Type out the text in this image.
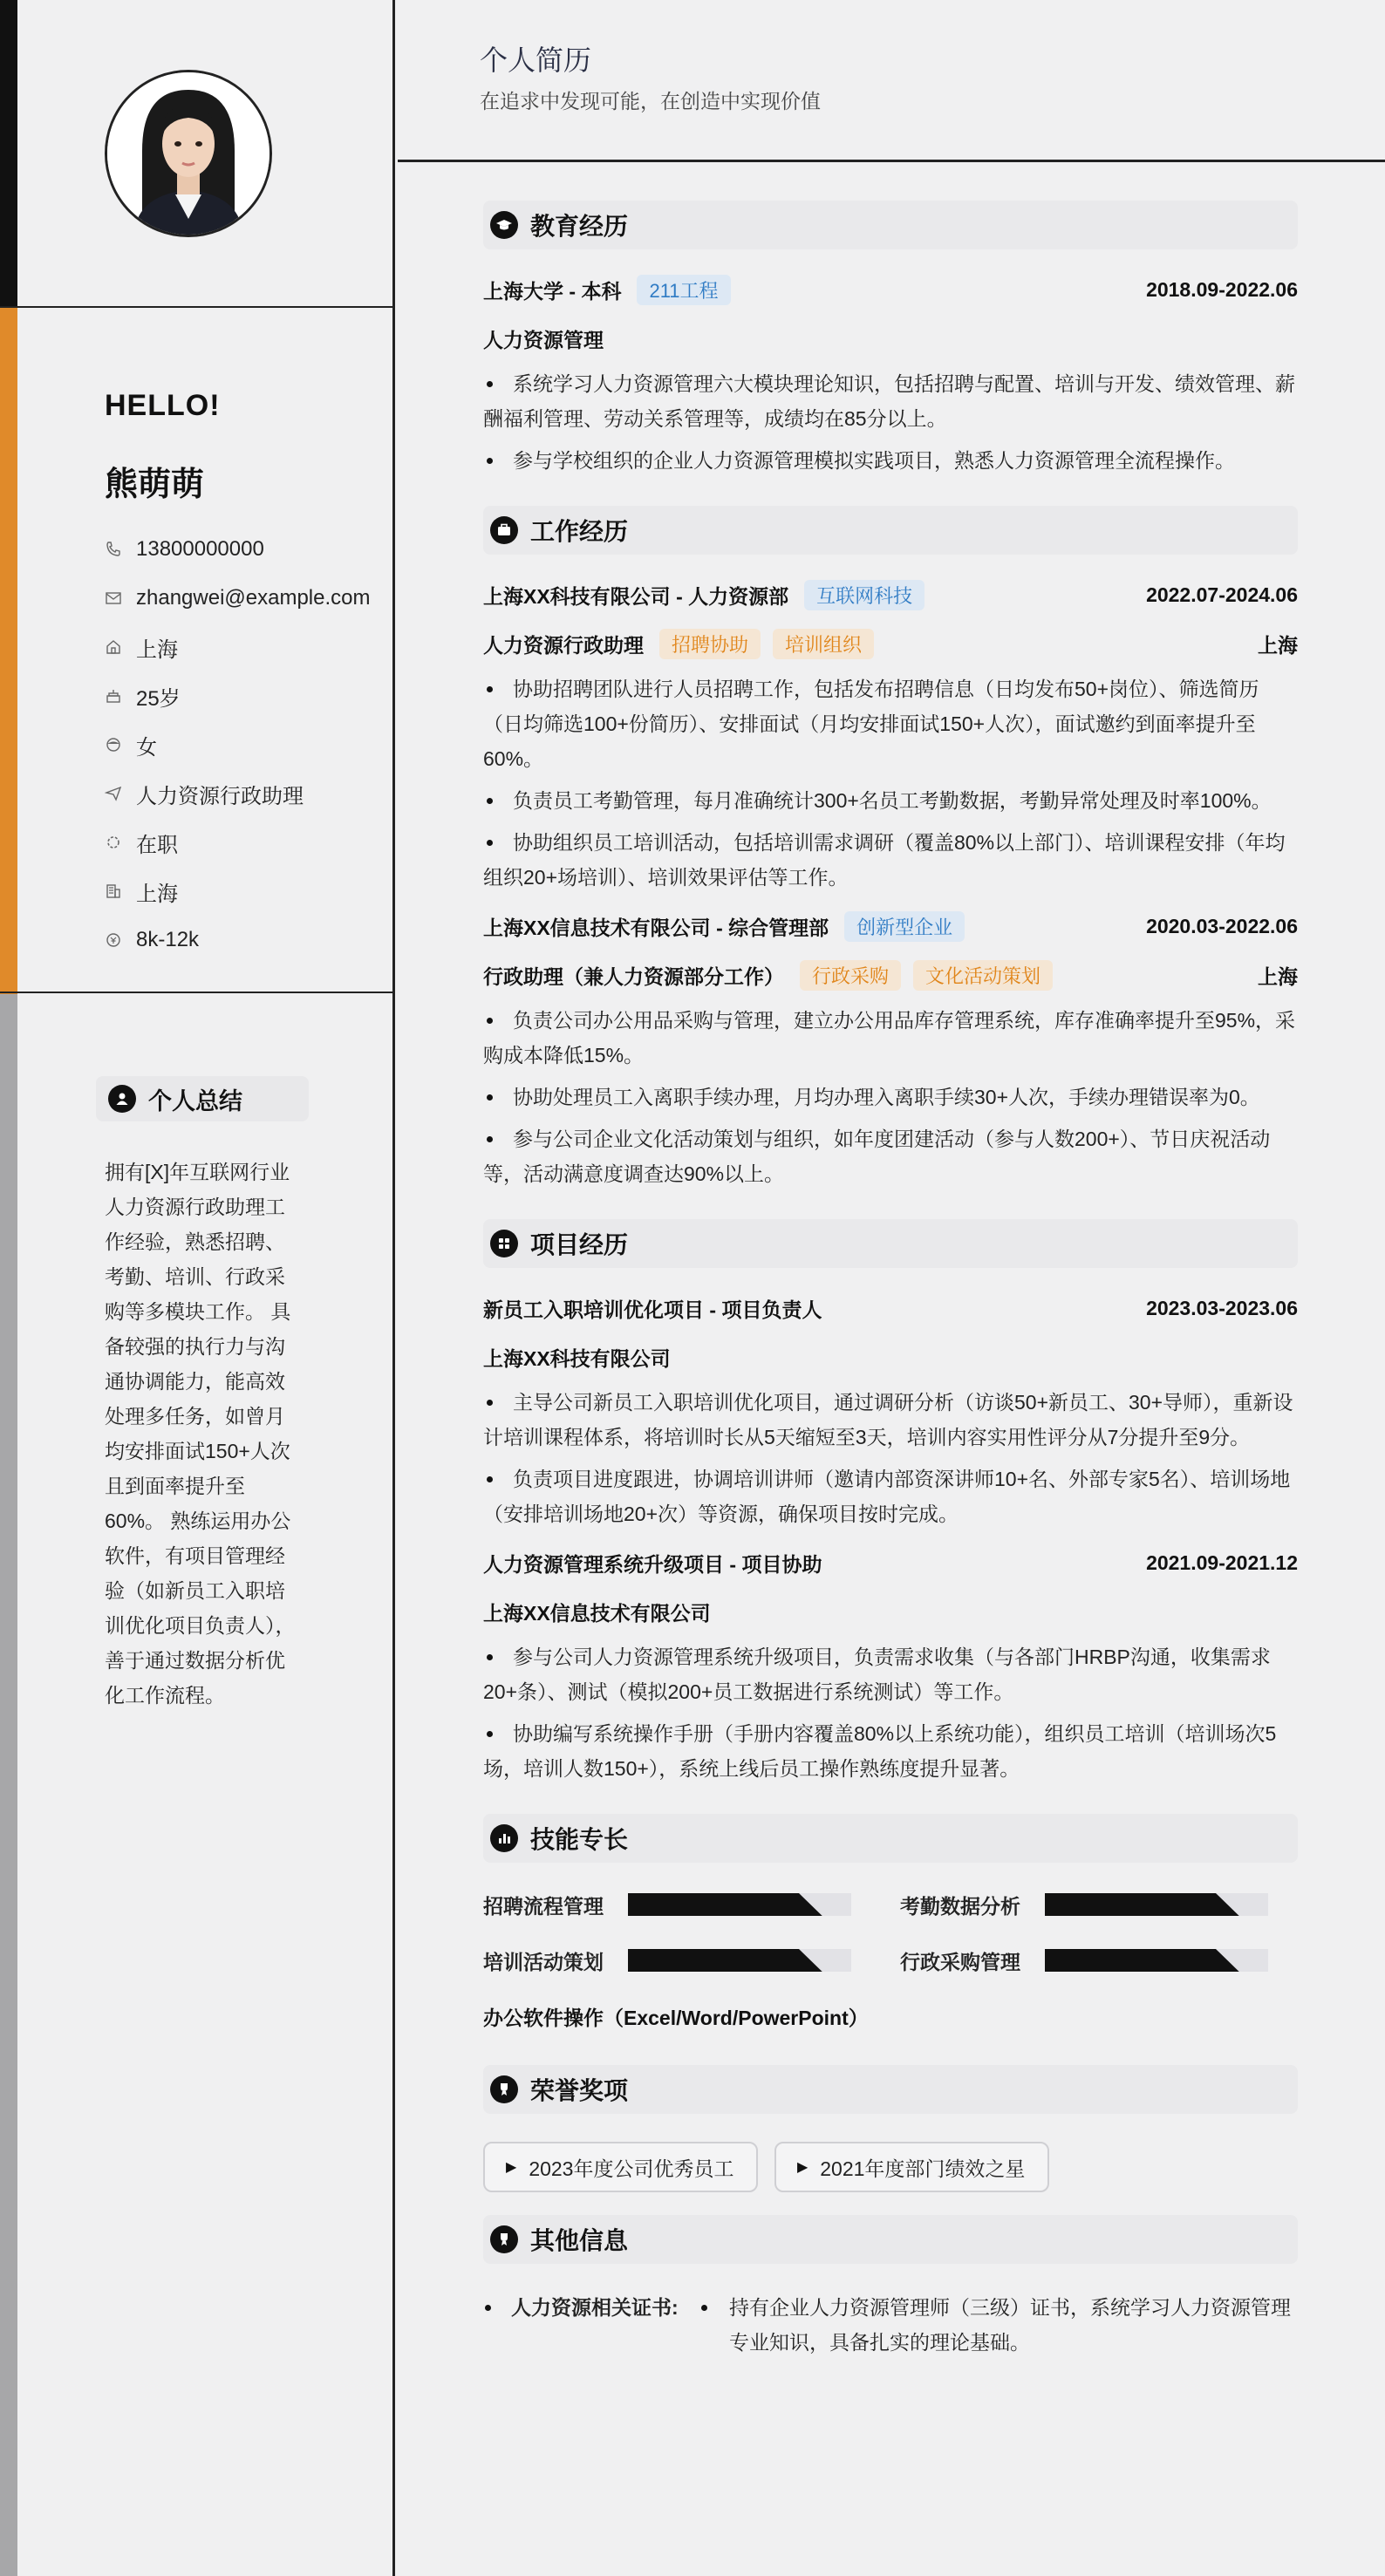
HELLO!
熊萌萌
13800000000
zhangwei@example.com
上海
25岁
女
人力资源行政助理
在职
上海
8k-12k
个人总结
拥有[X]年互联网行业人力资源行政助理工作经验，熟悉招聘、考勤、培训、行政采购等多模块工作。 具备较强的执行力与沟通协调能力，能高效处理多任务，如曾月均安排面试150+人次且到面率提升至60%。 熟练运用办公软件，有项目管理经验（如新员工入职培训优化项目负责人），善于通过数据分析优化工作流程。
个人简历
在追求中发现可能，在创造中实现价值
教育经历
上海大学 - 本科	211工程	2018.09-2022.06
人力资源管理
系统学习人力资源管理六大模块理论知识，包括招聘与配置、培训与开发、绩效管理、薪酬福利管理、劳动关系管理等，成绩均在85分以上。
参与学校组织的企业人力资源管理模拟实践项目，熟悉人力资源管理全流程操作。
工作经历
上海XX科技有限公司 - 人力资源部	互联网科技	2022.07-2024.06
人力资源行政助理	招聘协助	培训组织	上海
协助招聘团队进行人员招聘工作，包括发布招聘信息（日均发布50+岗位）、筛选简历（日均筛选100+份简历）、安排面试（月均安排面试150+人次），面试邀约到面率提升至60%。
负责员工考勤管理，每月准确统计300+名员工考勤数据，考勤异常处理及时率100%。
协助组织员工培训活动，包括培训需求调研（覆盖80%以上部门）、培训课程安排（年均组织20+场培训）、培训效果评估等工作。
上海XX信息技术有限公司 - 综合管理部	创新型企业	2020.03-2022.06
行政助理（兼人力资源部分工作）	行政采购	文化活动策划	上海
负责公司办公用品采购与管理，建立办公用品库存管理系统，库存准确率提升至95%，采购成本降低15%。
协助处理员工入离职手续办理，月均办理入离职手续30+人次，手续办理错误率为0。
参与公司企业文化活动策划与组织，如年度团建活动（参与人数200+）、节日庆祝活动等，活动满意度调查达90%以上。
项目经历
新员工入职培训优化项目 - 项目负责人	2023.03-2023.06
上海XX科技有限公司
主导公司新员工入职培训优化项目，通过调研分析（访谈50+新员工、30+导师），重新设计培训课程体系，将培训时长从5天缩短至3天，培训内容实用性评分从7分提升至9分。
负责项目进度跟进，协调培训讲师（邀请内部资深讲师10+名、外部专家5名）、培训场地（安排培训场地20+次）等资源，确保项目按时完成。
人力资源管理系统升级项目 - 项目协助	2021.09-2021.12
上海XX信息技术有限公司
参与公司人力资源管理系统升级项目，负责需求收集（与各部门HRBP沟通，收集需求20+条）、测试（模拟200+员工数据进行系统测试）等工作。
协助编写系统操作手册（手册内容覆盖80%以上系统功能），组织员工培训（培训场次5场，培训人数150+），系统上线后员工操作熟练度提升显著。
技能专长
招聘流程管理	考勤数据分析
培训活动策划	行政采购管理
办公软件操作（Excel/Word/PowerPoint）
荣誉奖项
▶ 2023年度公司优秀员工
	▶ 2021年度部门绩效之星
其他信息
人力资源相关证书:	持有企业人力资源管理师（三级）证书，系统学习人力资源管理专业知识，具备扎实的理论基础。
